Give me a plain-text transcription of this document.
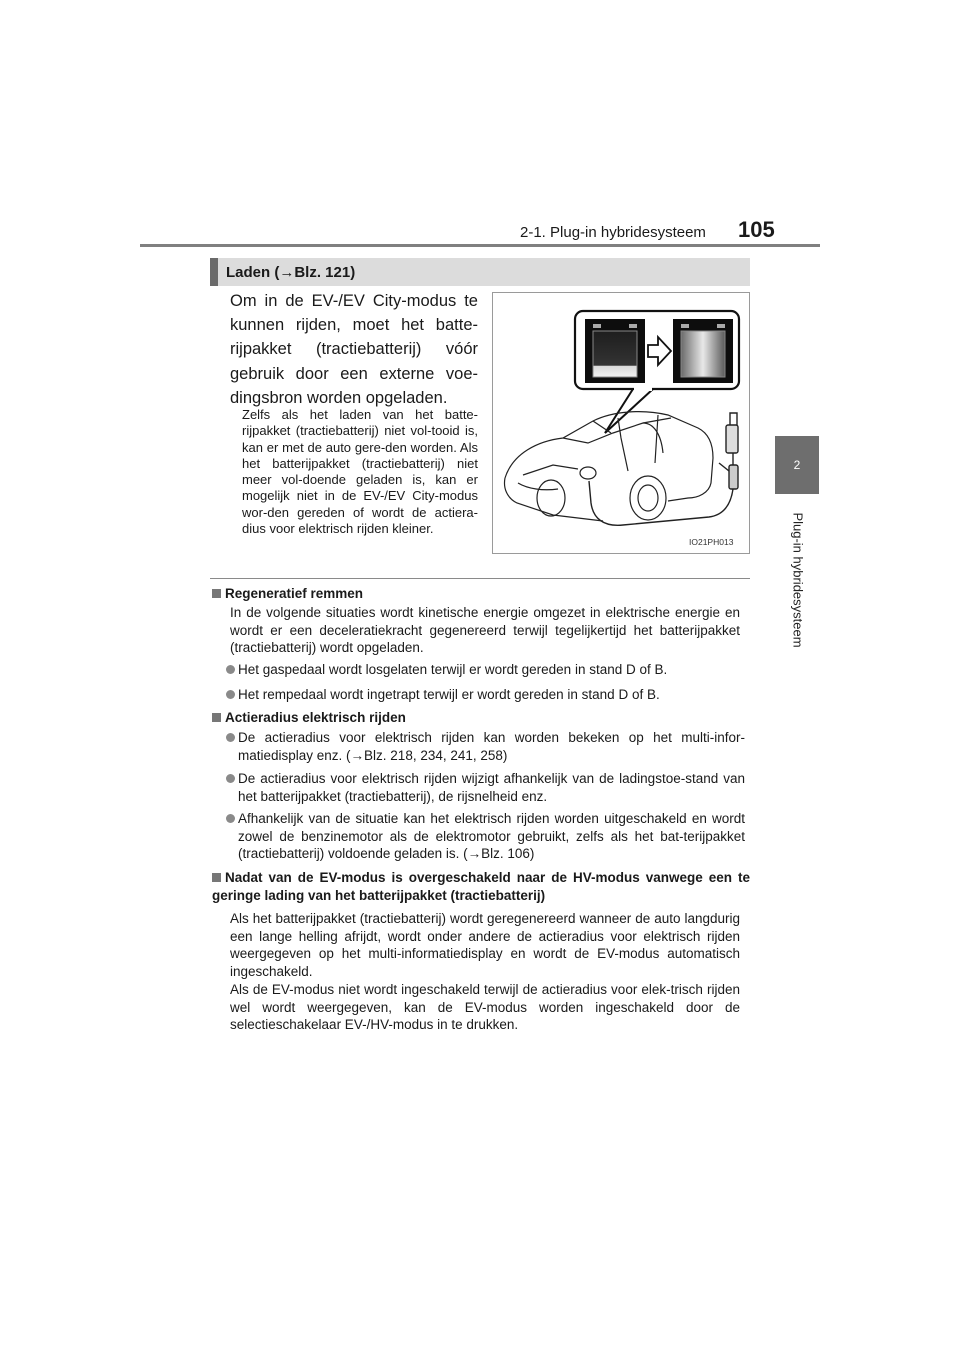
2-1. Plug-in hybridesysteem 105
2
Plug-in hybridesysteem
Laden (→Blz. 121)
Om in de EV-/EV City-modus te kunnen rijden, moet het batte-rijpakket (tractiebatterij) vóór gebruik door een externe voe-dingsbron worden opgeladen.
Zelfs als het laden van het batte-rijpakket (tractiebatterij) niet vol-tooid is, kan er met de auto gere-den worden. Als het batterijpakket (tractiebatterij) niet meer vol-doende geladen is, kan er mogelijk niet in de EV-/EV City-modus wor-den gereden of wordt de actiera-dius voor elektrisch rijden kleiner.
IO21PH013
Regeneratief remmen
In de volgende situaties wordt kinetische energie omgezet in elektrische energie en wordt er een deceleratiekracht gegenereerd terwijl tegelijkertijd het batterijpakket (tractiebatterij) wordt opgeladen.
Het gaspedaal wordt losgelaten terwijl er wordt gereden in stand D of B.
Het rempedaal wordt ingetrapt terwijl er wordt gereden in stand D of B.
Actieradius elektrisch rijden
De actieradius voor elektrisch rijden kan worden bekeken op het multi-infor-matiedisplay enz. (→Blz. 218, 234, 241, 258)
De actieradius voor elektrisch rijden wijzigt afhankelijk van de ladingstoe-stand van het batterijpakket (tractiebatterij), de rijsnelheid enz.
Afhankelijk van de situatie kan het elektrisch rijden worden uitgeschakeld en wordt zowel de benzinemotor als de elektromotor gebruikt, zelfs als het bat-terijpakket (tractiebatterij) voldoende geladen is. (→Blz. 106)
Nadat van de EV-modus is overgeschakeld naar de HV-modus vanwege een te geringe lading van het batterijpakket (tractiebatterij)
Als het batterijpakket (tractiebatterij) wordt geregenereerd wanneer de auto langdurig een lange helling afrijdt, wordt onder andere de actieradius voor elektrisch rijden weergegeven op het multi-informatiedisplay en wordt de EV-modus automatisch ingeschakeld.
Als de EV-modus niet wordt ingeschakeld terwijl de actieradius voor elek-trisch rijden wel wordt weergegeven, kan de EV-modus worden ingeschakeld door de selectieschakelaar EV-/HV-modus in te drukken.
